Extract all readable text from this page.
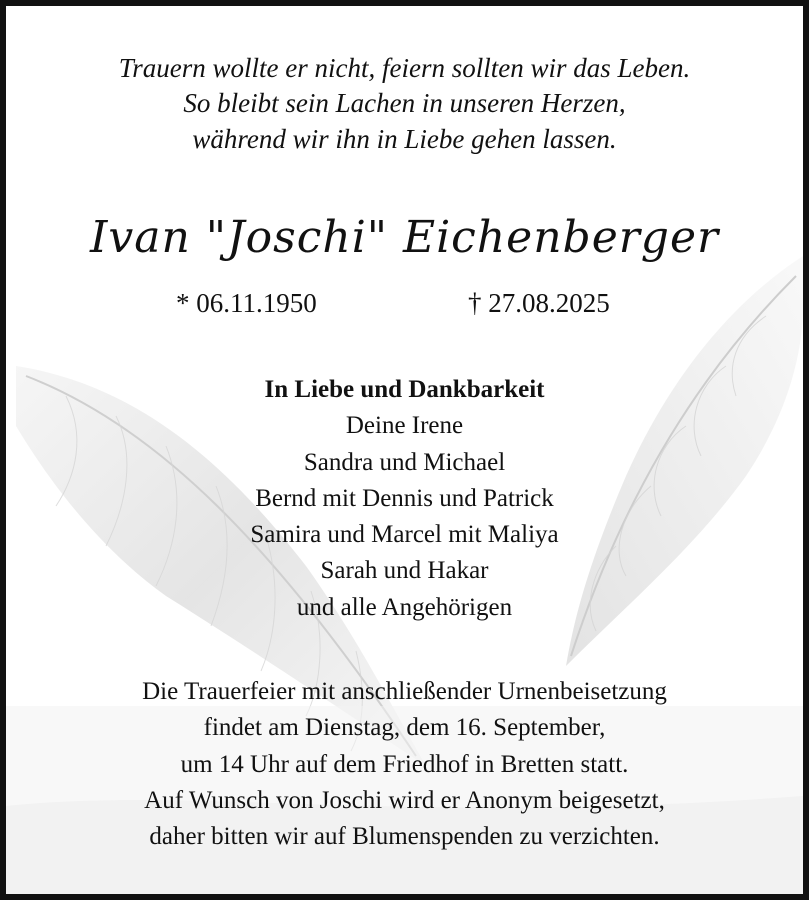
Trauern wollte er nicht, feiern sollten wir das Leben.
So bleibt sein Lachen in unseren Herzen,
während wir ihn in Liebe gehen lassen.
Ivan "Joschi" Eichenberger
* 06.11.1950	† 27.08.2025
In Liebe und Dankbarkeit
Deine Irene
Sandra und Michael
Bernd mit Dennis und Patrick
Samira und Marcel mit Maliya
Sarah und Hakar
und alle Angehörigen
Die Trauerfeier mit anschließender Urnenbeisetzung
findet am Dienstag, dem 16. September,
um 14 Uhr auf dem Friedhof in Bretten statt.
Auf Wunsch von Joschi wird er Anonym beigesetzt,
daher bitten wir auf Blumenspenden zu verzichten.
